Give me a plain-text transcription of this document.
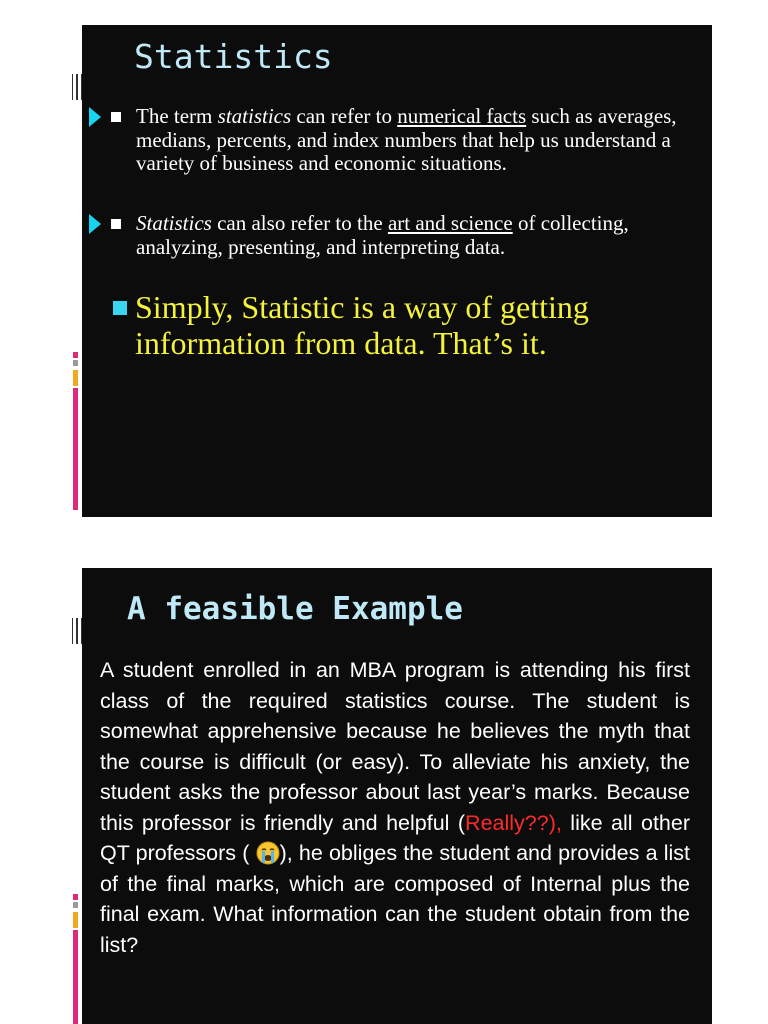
Statistics
The term statistics can refer to numerical facts such as averages, medians, percents, and index numbers that help us understand a variety of business and economic situations.
Statistics can also refer to the art and science of collecting, analyzing, presenting, and interpreting data.
Simply, Statistic is a way of getting information from data. That’s it.
A feasible Example
A student enrolled in an MBA program is attending his first class of the required statistics course. The student is somewhat apprehensive because he believes the myth that the course is difficult (or easy). To alleviate his anxiety, the student asks the professor about last year’s marks. Because this professor is friendly and helpful (Really??), like all other QT professors ( ), he obliges the student and provides a list of the final marks, which are composed of Internal plus the final exam. What information can the student obtain from the list?
